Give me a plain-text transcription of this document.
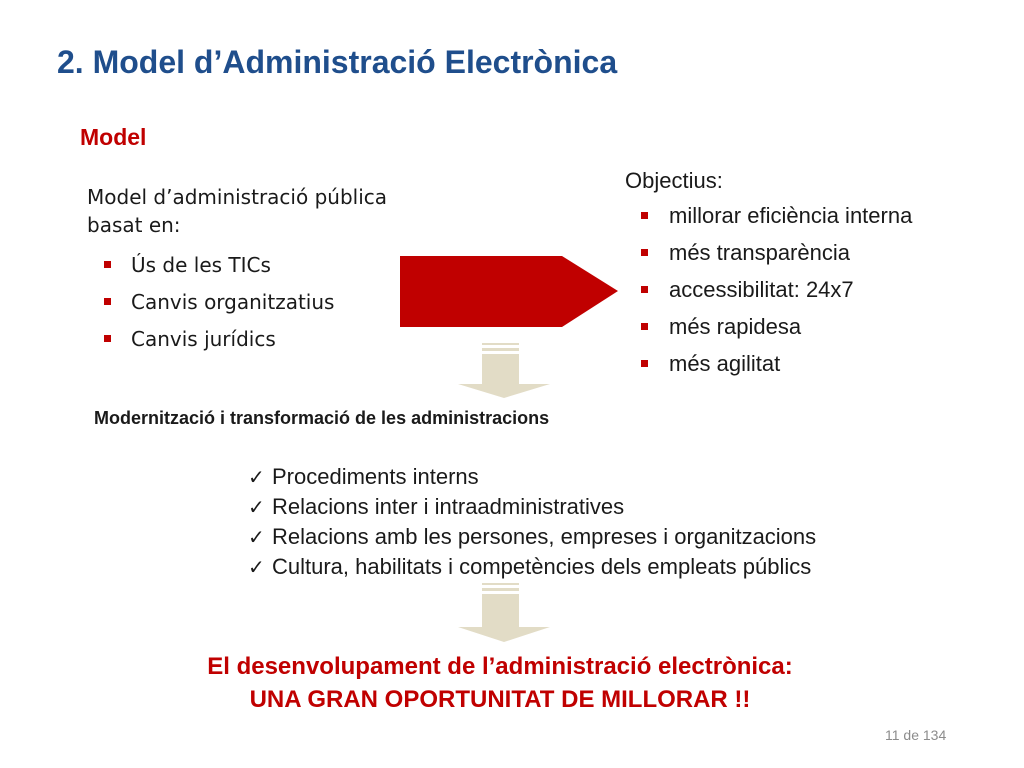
2. Model d’Administració Electrònica
Model
Model d’administració pública basat en:
Ús de les TICs
Canvis organitzatius
Canvis jurídics
Objectius:
millorar eficiència interna
més transparència
accessibilitat: 24x7
més rapidesa
més agilitat
Modernització i transformació de les administracions
✓ Procediments interns
✓ Relacions inter i intraadministratives
✓ Relacions amb les persones, empreses i organitzacions
✓ Cultura, habilitats i competències dels empleats públics
El desenvolupament de l’administració electrònica:
UNA GRAN OPORTUNITAT DE MILLORAR !!
11 de 134
